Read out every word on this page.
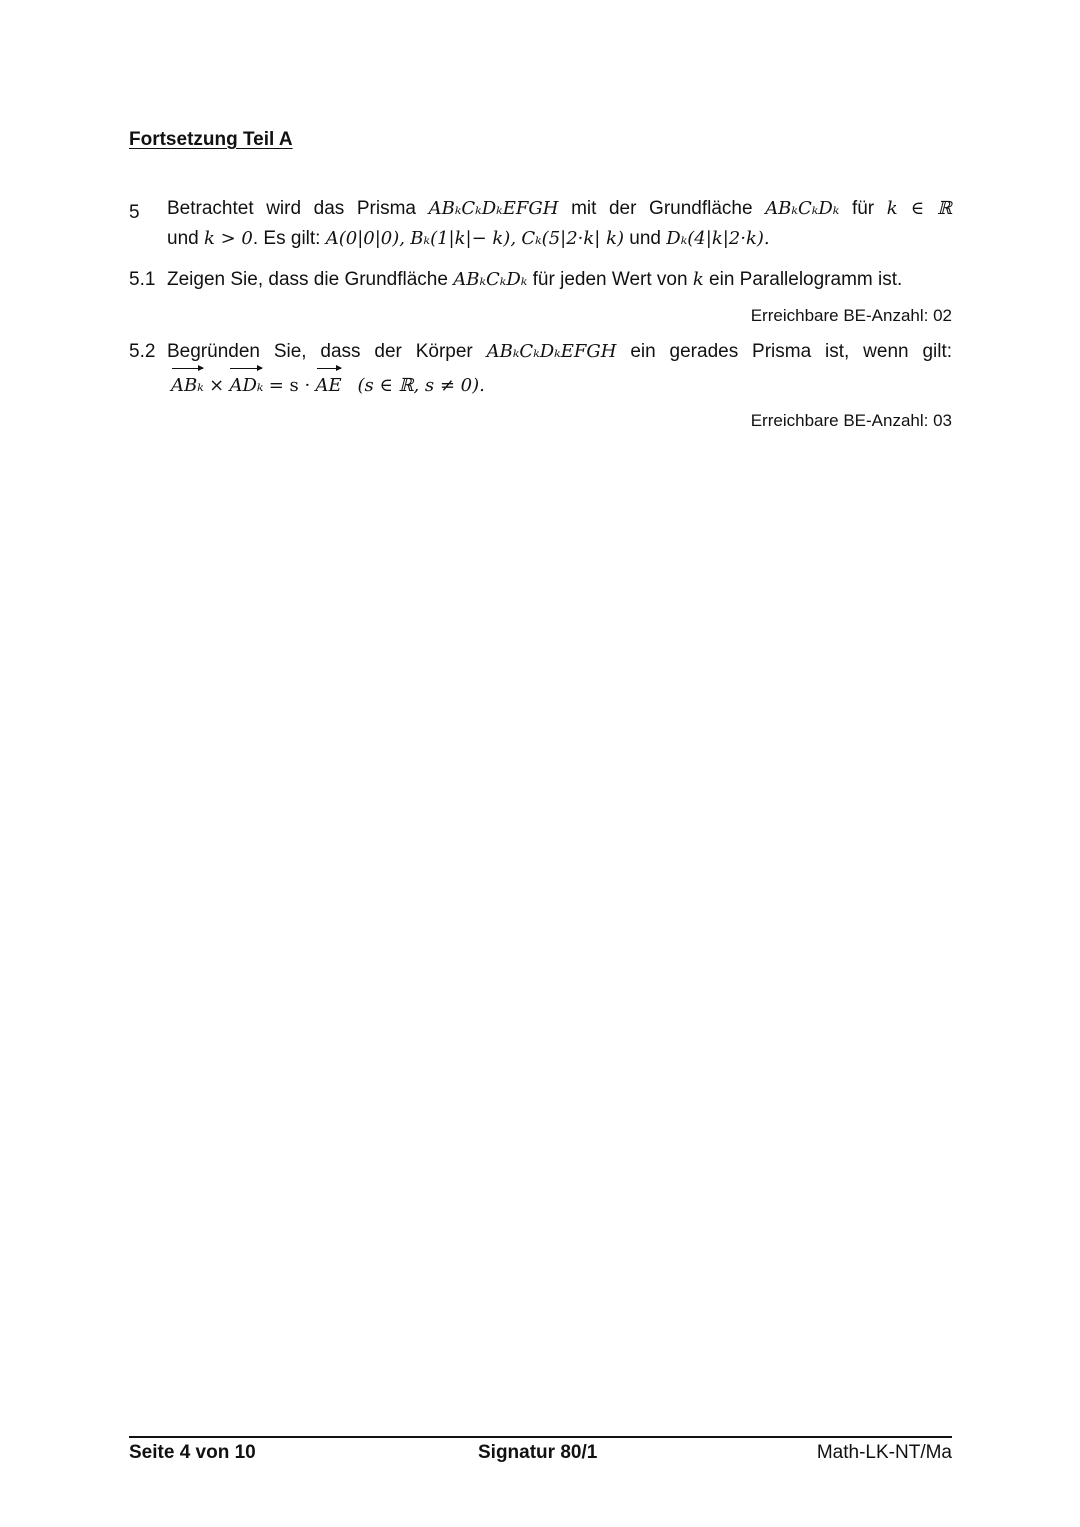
Fortsetzung Teil A
5 Betrachtet wird das Prisma ABₖCₖDₖEFGH mit der Grundfläche ABₖCₖDₖ für k ∈ ℝ
und k > 0. Es gilt: A(0|0|0), Bₖ(1|k|− k), Cₖ(5|2·k| k) und Dₖ(4|k|2·k).
5.1 Zeigen Sie, dass die Grundfläche ABₖCₖDₖ für jeden Wert von k ein Parallelogramm ist.
Erreichbare BE-Anzahl: 02
5.2 Begründen Sie, dass der Körper ABₖCₖDₖEFGH ein gerades Prisma ist, wenn gilt:
ABₖ × ADₖ = s · AE (s ∈ ℝ, s ≠ 0).
Erreichbare BE-Anzahl: 03
Seite 4 von 10	Signatur 80/1	Math-LK-NT/Ma
